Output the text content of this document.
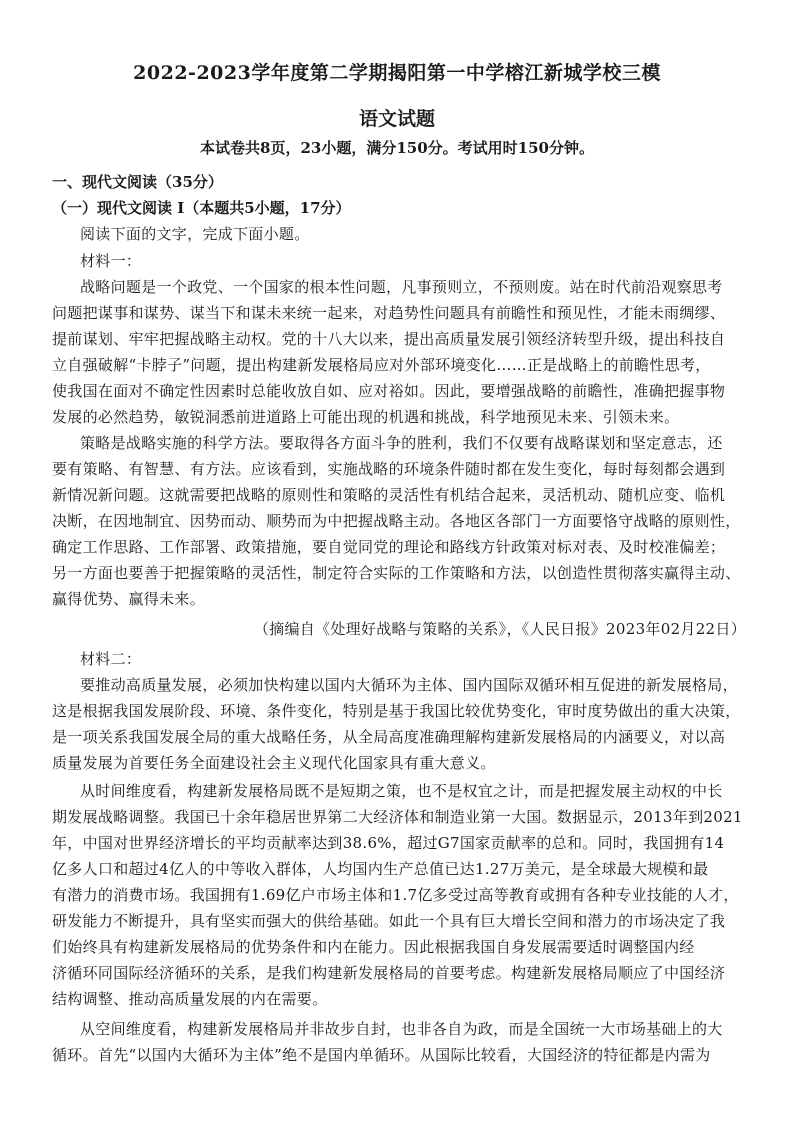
2022-2023学年度第二学期揭阳第一中学榕江新城学校三模
语文试题
本试卷共8页，23小题，满分150分。考试用时150分钟。
一、现代文阅读（35分）
（一）现代文阅读 I（本题共5小题，17分）
阅读下面的文字，完成下面小题。
材料一：
战略问题是一个政党、一个国家的根本性问题，凡事预则立，不预则废。站在时代前沿观察思考
问题把谋事和谋势、谋当下和谋未来统一起来，对趋势性问题具有前瞻性和预见性，才能未雨绸缪、
提前谋划、牢牢把握战略主动权。党的十八大以来，提出高质量发展引领经济转型升级，提出科技自
立自强破解“卡脖子”问题，提出构建新发展格局应对外部环境变化……正是战略上的前瞻性思考，
使我国在面对不确定性因素时总能收放自如、应对裕如。因此，要增强战略的前瞻性，准确把握事物
发展的必然趋势，敏锐洞悉前进道路上可能出现的机遇和挑战，科学地预见未来、引领未来。
策略是战略实施的科学方法。要取得各方面斗争的胜利，我们不仅要有战略谋划和坚定意志，还
要有策略、有智慧、有方法。应该看到，实施战略的环境条件随时都在发生变化，每时每刻都会遇到
新情况新问题。这就需要把战略的原则性和策略的灵活性有机结合起来，灵活机动、随机应变、临机
决断，在因地制宜、因势而动、顺势而为中把握战略主动。各地区各部门一方面要恪守战略的原则性，
确定工作思路、工作部署、政策措施，要自觉同党的理论和路线方针政策对标对表、及时校准偏差；
另一方面也要善于把握策略的灵活性，制定符合实际的工作策略和方法，以创造性贯彻落实赢得主动、
赢得优势、赢得未来。
（摘编自《处理好战略与策略的关系》，《人民日报》2023年02月22日）
材料二：
要推动高质量发展，必须加快构建以国内大循环为主体、国内国际双循环相互促进的新发展格局，
这是根据我国发展阶段、环境、条件变化，特别是基于我国比较优势变化，审时度势做出的重大决策，
是一项关系我国发展全局的重大战略任务，从全局高度准确理解构建新发展格局的内涵要义，对以高
质量发展为首要任务全面建设社会主义现代化国家具有重大意义。
从时间维度看，构建新发展格局既不是短期之策，也不是权宜之计，而是把握发展主动权的中长
期发展战略调整。我国已十余年稳居世界第二大经济体和制造业第一大国。数据显示，2013年到2021
年，中国对世界经济增长的平均贡献率达到38.6%，超过G7国家贡献率的总和。同时，我国拥有14
亿多人口和超过4亿人的中等收入群体，人均国内生产总值已达1.27万美元，是全球最大规模和最
有潜力的消费市场。我国拥有1.69亿户市场主体和1.7亿多受过高等教育或拥有各种专业技能的人才，
研发能力不断提升，具有坚实而强大的供给基础。如此一个具有巨大增长空间和潜力的市场决定了我
们始终具有构建新发展格局的优势条件和内在能力。因此根据我国自身发展需要适时调整国内经
济循环同国际经济循环的关系，是我们构建新发展格局的首要考虑。构建新发展格局顺应了中国经济
结构调整、推动高质量发展的内在需要。
从空间维度看，构建新发展格局并非故步自封，也非各自为政，而是全国统一大市场基础上的大
循环。首先“以国内大循环为主体”绝不是国内单循环。从国际比较看，大国经济的特征都是内需为
